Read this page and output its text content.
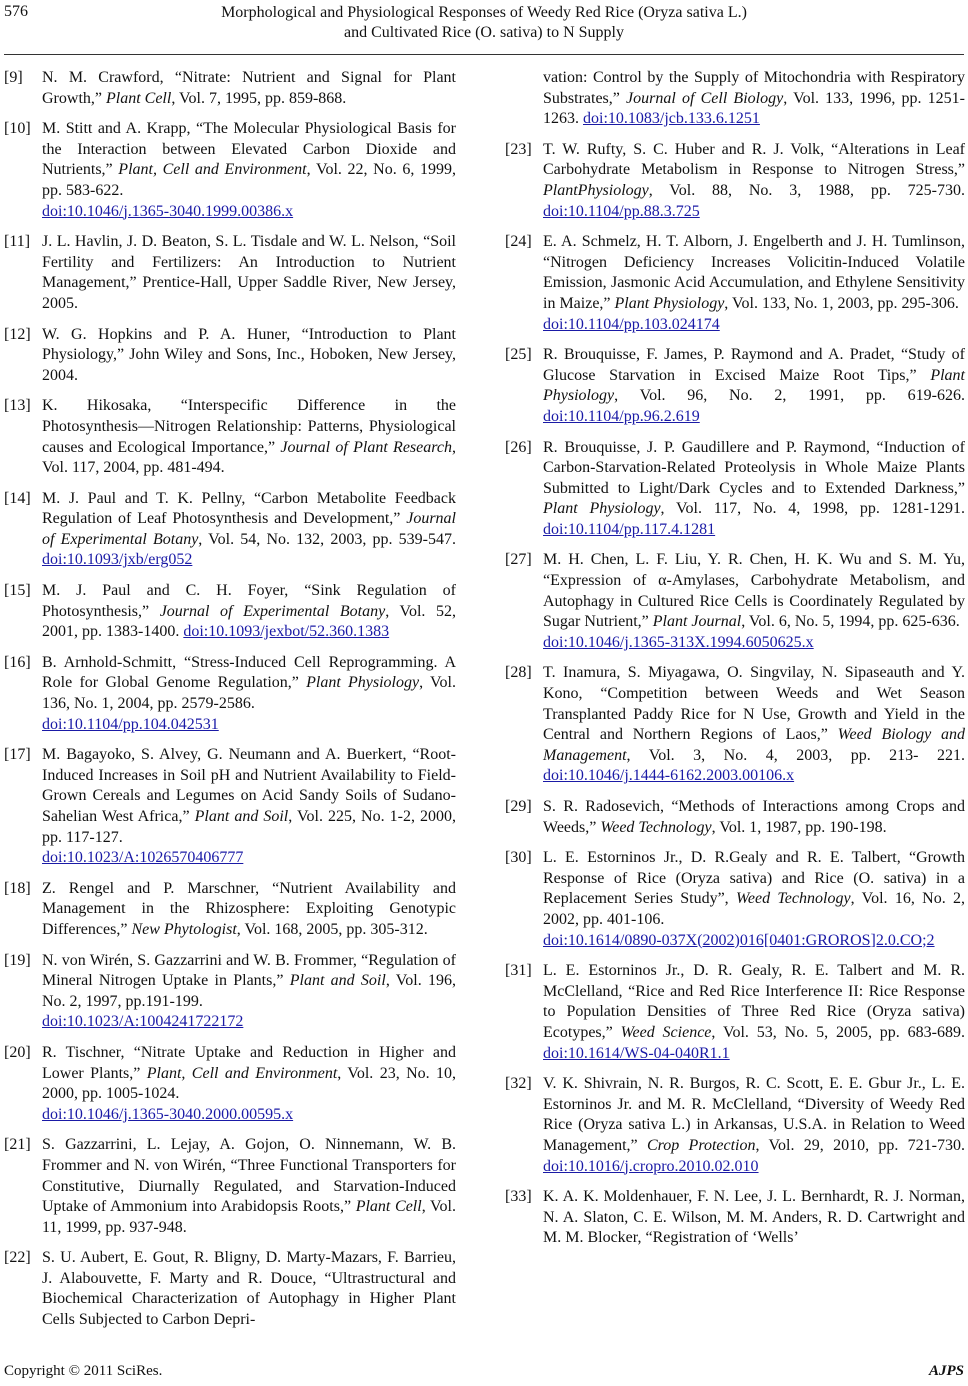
576	Morphological and Physiological Responses of Weedy Red Rice (Oryza sativa L.)
and Cultivated Rice (O. sativa) to N Supply
[9] N. M. Crawford, “Nitrate: Nutrient and Signal for Plant Growth,” Plant Cell, Vol. 7, 1995, pp. 859-868.
[10] M. Stitt and A. Krapp, “The Molecular Physiological Basis for the Interaction between Elevated Carbon Dioxide and Nutrients,” Plant, Cell and Environment, Vol. 22, No. 6, 1999, pp. 583-622.
doi:10.1046/j.1365-3040.1999.00386.x
[11] J. L. Havlin, J. D. Beaton, S. L. Tisdale and W. L. Nelson, “Soil Fertility and Fertilizers: An Introduction to Nutrient Management,” Prentice-Hall, Upper Saddle River, New Jersey, 2005.
[12] W. G. Hopkins and P. A. Huner, “Introduction to Plant Physiology,” John Wiley and Sons, Inc., Hoboken, New Jersey, 2004.
[13] K. Hikosaka, “Interspecific Difference in the Photosynthesis―Nitrogen Relationship: Patterns, Physiological causes and Ecological Importance,” Journal of Plant Research, Vol. 117, 2004, pp. 481-494.
[14] M. J. Paul and T. K. Pellny, “Carbon Metabolite Feedback Regulation of Leaf Photosynthesis and Development,” Journal of Experimental Botany, Vol. 54, No. 132, 2003, pp. 539-547. doi:10.1093/jxb/erg052
[15] M. J. Paul and C. H. Foyer, “Sink Regulation of Photosynthesis,” Journal of Experimental Botany, Vol. 52, 2001, pp. 1383-1400. doi:10.1093/jexbot/52.360.1383
[16] B. Arnhold-Schmitt, “Stress-Induced Cell Reprogramming. A Role for Global Genome Regulation,” Plant Physiology, Vol. 136, No. 1, 2004, pp. 2579-2586.
doi:10.1104/pp.104.042531
[17] M. Bagayoko, S. Alvey, G. Neumann and A. Buerkert, “Root-Induced Increases in Soil pH and Nutrient Availability to Field-Grown Cereals and Legumes on Acid Sandy Soils of Sudano-Sahelian West Africa,” Plant and Soil, Vol. 225, No. 1-2, 2000, pp. 117-127.
doi:10.1023/A:1026570406777
[18] Z. Rengel and P. Marschner, “Nutrient Availability and Management in the Rhizosphere: Exploiting Genotypic Differences,” New Phytologist, Vol. 168, 2005, pp. 305-312.
[19] N. von Wirén, S. Gazzarrini and W. B. Frommer, “Regulation of Mineral Nitrogen Uptake in Plants,” Plant and Soil, Vol. 196, No. 2, 1997, pp.191-199.
doi:10.1023/A:1004241722172
[20] R. Tischner, “Nitrate Uptake and Reduction in Higher and Lower Plants,” Plant, Cell and Environment, Vol. 23, No. 10, 2000, pp. 1005-1024.
doi:10.1046/j.1365-3040.2000.00595.x
[21] S. Gazzarrini, L. Lejay, A. Gojon, O. Ninnemann, W. B. Frommer and N. von Wirén, “Three Functional Transporters for Constitutive, Diurnally Regulated, and Starvation-Induced Uptake of Ammonium into Arabidopsis Roots,” Plant Cell, Vol. 11, 1999, pp. 937-948.
[22] S. U. Aubert, E. Gout, R. Bligny, D. Marty-Mazars, F. Barrieu, J. Alabouvette, F. Marty and R. Douce, “Ultrastructural and Biochemical Characterization of Autophagy in Higher Plant Cells Subjected to Carbon Depri-
vation: Control by the Supply of Mitochondria with Respiratory Substrates,” Journal of Cell Biology, Vol. 133, 1996, pp. 1251-1263. doi:10.1083/jcb.133.6.1251
[23] T. W. Rufty, S. C. Huber and R. J. Volk, “Alterations in Leaf Carbohydrate Metabolism in Response to Nitrogen Stress,” PlantPhysiology, Vol. 88, No. 3, 1988, pp. 725-730. doi:10.1104/pp.88.3.725
[24] E. A. Schmelz, H. T. Alborn, J. Engelberth and J. H. Tumlinson, “Nitrogen Deficiency Increases Volicitin-Induced Volatile Emission, Jasmonic Acid Accumulation, and Ethylene Sensitivity in Maize,” Plant Physiology, Vol. 133, No. 1, 2003, pp. 295-306.
doi:10.1104/pp.103.024174
[25] R. Brouquisse, F. James, P. Raymond and A. Pradet, “Study of Glucose Starvation in Excised Maize Root Tips,” Plant Physiology, Vol. 96, No. 2, 1991, pp. 619-626. doi:10.1104/pp.96.2.619
[26] R. Brouquisse, J. P. Gaudillere and P. Raymond, “Induction of Carbon-Starvation-Related Proteolysis in Whole Maize Plants Submitted to Light/Dark Cycles and to Extended Darkness,” Plant Physiology, Vol. 117, No. 4, 1998, pp. 1281-1291. doi:10.1104/pp.117.4.1281
[27] M. H. Chen, L. F. Liu, Y. R. Chen, H. K. Wu and S. M. Yu, “Expression of α-Amylases, Carbohydrate Metabolism, and Autophagy in Cultured Rice Cells is Coordinately Regulated by Sugar Nutrient,” Plant Journal, Vol. 6, No. 5, 1994, pp. 625-636.
doi:10.1046/j.1365-313X.1994.6050625.x
[28] T. Inamura, S. Miyagawa, O. Singvilay, N. Sipaseauth and Y. Kono, “Competition between Weeds and Wet Season Transplanted Paddy Rice for N Use, Growth and Yield in the Central and Northern Regions of Laos,” Weed Biology and Management, Vol. 3, No. 4, 2003, pp. 213- 221. doi:10.1046/j.1444-6162.2003.00106.x
[29] S. R. Radosevich, “Methods of Interactions among Crops and Weeds,” Weed Technology, Vol. 1, 1987, pp. 190-198.
[30] L. E. Estorninos Jr., D. R.Gealy and R. E. Talbert, “Growth Response of Rice (Oryza sativa) and Rice (O. sativa) in a Replacement Series Study”, Weed Technology, Vol. 16, No. 2, 2002, pp. 401-106.
doi:10.1614/0890-037X(2002)016[0401:GROROS]2.0.CO;2
[31] L. E. Estorninos Jr., D. R. Gealy, R. E. Talbert and M. R. McClelland, “Rice and Red Rice Interference II: Rice Response to Population Densities of Three Red Rice (Oryza sativa) Ecotypes,” Weed Science, Vol. 53, No. 5, 2005, pp. 683-689. doi:10.1614/WS-04-040R1.1
[32] V. K. Shivrain, N. R. Burgos, R. C. Scott, E. E. Gbur Jr., L. E. Estorninos Jr. and M. R. McClelland, “Diversity of Weedy Red Rice (Oryza sativa L.) in Arkansas, U.S.A. in Relation to Weed Management,” Crop Protection, Vol. 29, 2010, pp. 721-730. doi:10.1016/j.cropro.2010.02.010
[33] K. A. K. Moldenhauer, F. N. Lee, J. L. Bernhardt, R. J. Norman, N. A. Slaton, C. E. Wilson, M. M. Anders, R. D. Cartwright and M. M. Blocker, “Registration of ‘Wells’
Copyright © 2011 SciRes.	AJPS
